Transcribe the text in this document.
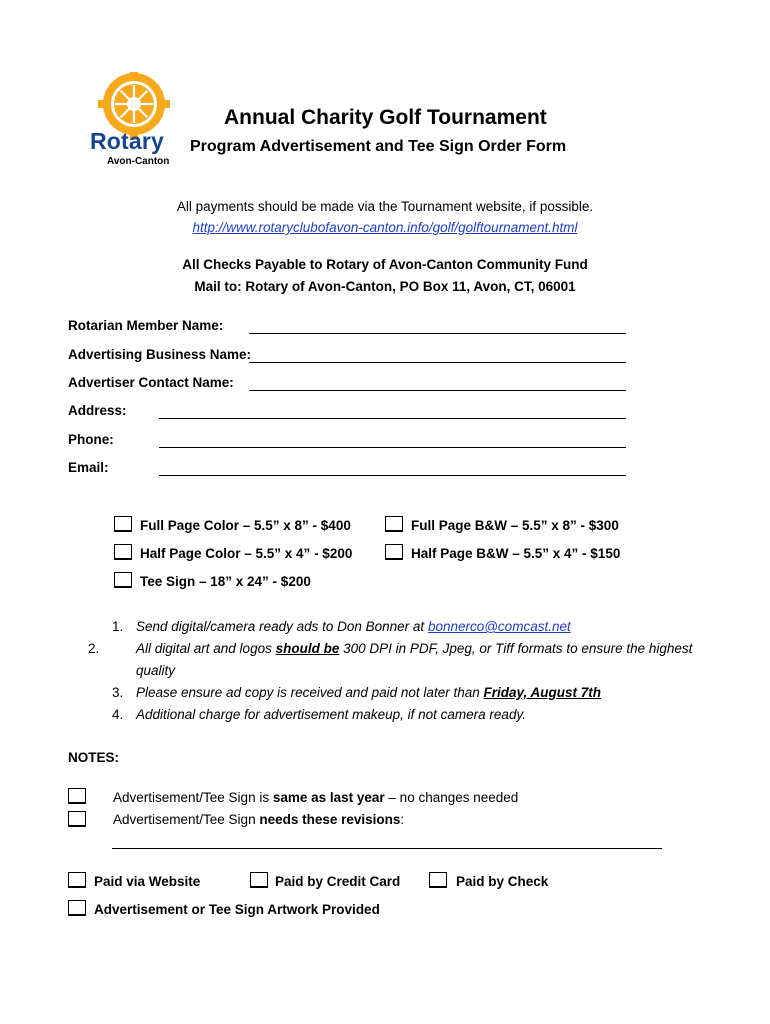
Rotary
Avon-Canton
Annual Charity Golf Tournament
Program Advertisement and Tee Sign Order Form
All payments should be made via the Tournament website, if possible.
http://www.rotaryclubofavon-canton.info/golf/golftournament.html
All Checks Payable to Rotary of Avon-Canton Community Fund
Mail to: Rotary of Avon-Canton, PO Box 11, Avon, CT, 06001
Rotarian Member Name:
Advertising Business Name:
Advertiser Contact Name:
Address:
Phone:
Email:
Full Page Color – 5.5” x 8” - $400	Full Page B&W – 5.5” x 8” - $300
Half Page Color – 5.5” x 4” - $200	Half Page B&W – 5.5” x 4” - $150
Tee Sign – 18” x 24” - $200
1. Send digital/camera ready ads to Don Bonner at bonnerco@comcast.net
2.	All digital art and logos should be 300 DPI in PDF, Jpeg, or Tiff formats to ensure the highest quality
3. Please ensure ad copy is received and paid not later than Friday, August 7th
4. Additional charge for advertisement makeup, if not camera ready.
NOTES:
Advertisement/Tee Sign is same as last year – no changes needed
Advertisement/Tee Sign needs these revisions:
Paid via Website	Paid by Credit Card	Paid by Check
Advertisement or Tee Sign Artwork Provided
